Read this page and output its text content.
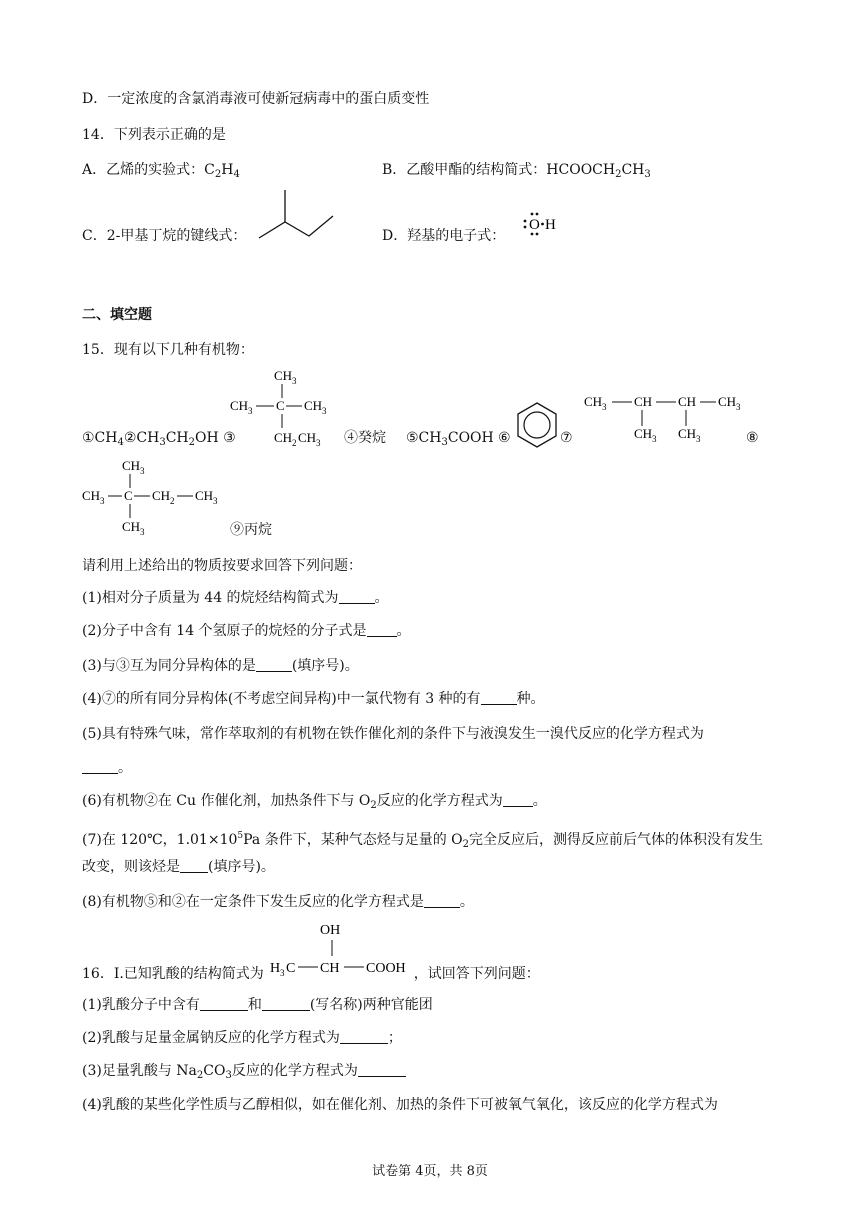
D．一定浓度的含氯消毒液可使新冠病毒中的蛋白质变性
14．下列表示正确的是
A．乙烯的实验式：$C_2H_4$	B．乙酸甲酯的结构简式：$HCOOCH_2CH_3$
C．2-甲基丁烷的键线式：	D．羟基的电子式：
O H
二、填空题
15．现有以下几种有机物：
$①CH_4②CH_3CH_2OH$ ③	④癸烷 $⑤CH_3COOH$ ⑥	⑦	⑧
CH 3
CH 3 C CH 3
CH 2 CH 3
CH 3 CH CH CH 3
CH 3 CH 3
CH 3
CH 3 C CH 2 CH 3
CH 3	⑨丙烷
请利用上述给出的物质按要求回答下列问题：
(1)相对分子质量为 44 的烷烃结构简式为	。
(2)分子中含有 14 个氢原子的烷烃的分子式是 。
(3)与③互为同分异构体的是	(填序号)。
(4)⑦的所有同分异构体(不考虑空间异构)中一氯代物有 3 种的有	种。
(5)具有特殊气味，常作萃取剂的有机物在铁作催化剂的条件下与液溴发生一溴代反应的化学方程式为
。
(6)有机物②在 Cu 作催化剂，加热条件下与 $O_2$反应的化学方程式为 。
(7)在 120℃，$1.01\times 10^5Pa$ 条件下，某种气态烃与足量的 $O_2$完全反应后，测得反应前后气体的体积没有发生
改变，则该烃是 (填序号)。
(8)有机物⑤和②在一定条件下发生反应的化学方程式是	。
16．I.已知乳酸的结构简式为	，试回答下列问题：
OH
H 3 C CH COOH
(1)乳酸分子中含有	和	(写名称)两种官能团
(2)乳酸与足量金属钠反应的化学方程式为	；
(3)足量乳酸与 $Na_2CO_3$反应的化学方程式为
(4)乳酸的某些化学性质与乙醇相似，如在催化剂、加热的条件下可被氧气氧化，该反应的化学方程式为
试卷第 4页，共 8页
